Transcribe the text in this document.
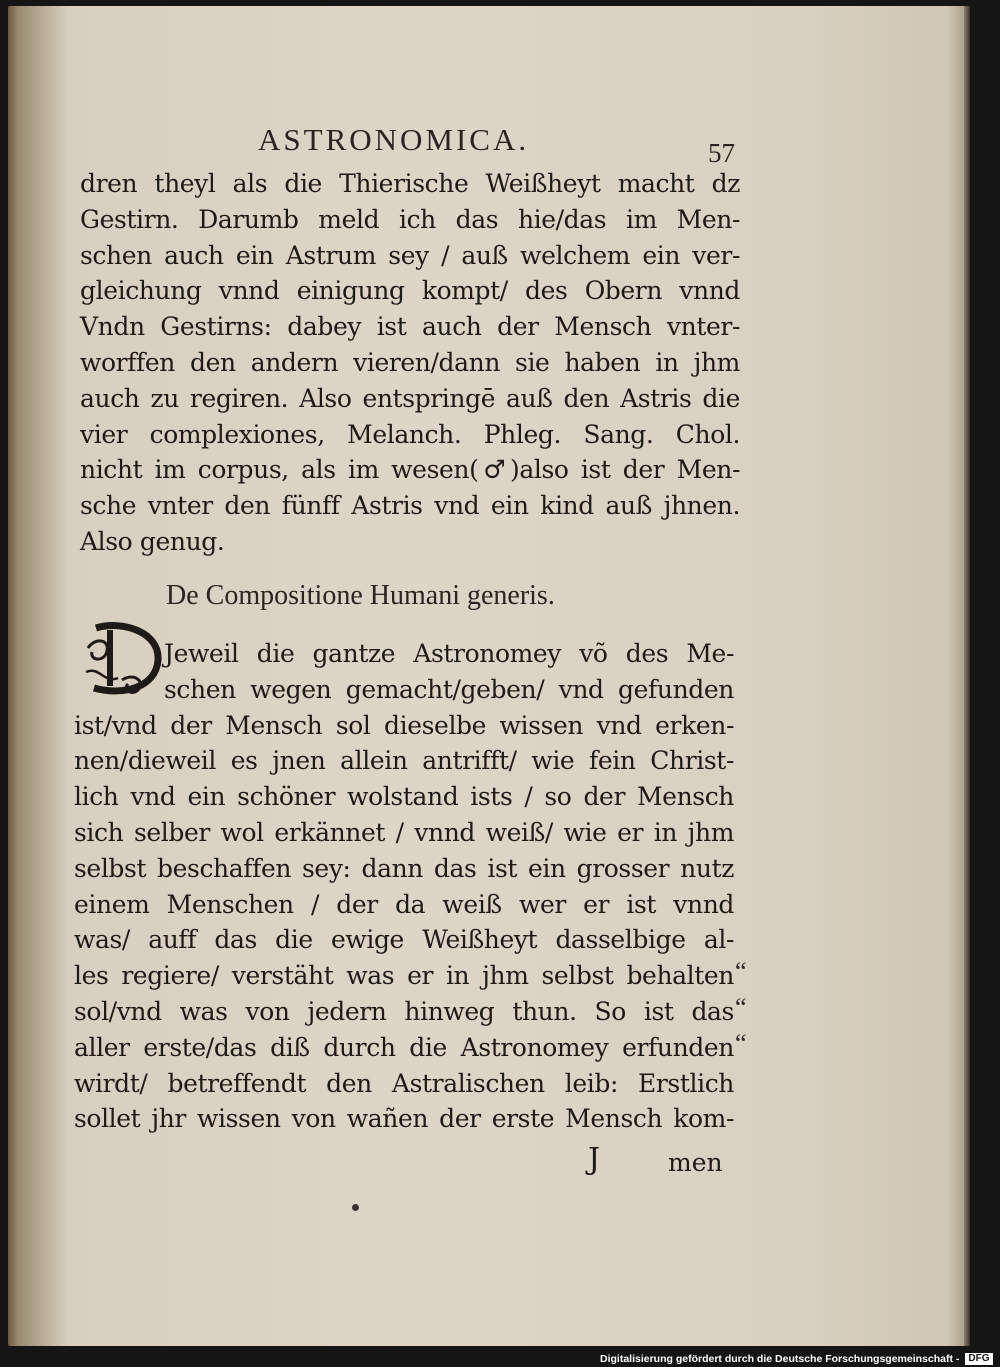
ASTRONOMICA.	57
dren theyl als die Thierische Weißheyt macht dz
Gestirn. Darumb meld ich das hie/das im Men-
schen auch ein Astrum sey / auß welchem ein ver-
gleichung vnnd einigung kompt/ des Obern vnnd
Vndn Gestirns: dabey ist auch der Mensch vnter-
worffen den andern vieren/dann sie haben in jhm
auch zu regiren. Also entspringē auß den Astris die
vier complexiones, Melanch. Phleg. Sang. Chol.
nicht im corpus, als im wesen(♂)also ist der Men-
sche vnter den fünff Astris vnd ein kind auß jhnen.
Also genug.
De Compositione Humani generis.
Jeweil die gantze Astronomey võ des Me-
schen wegen gemacht/geben/ vnd gefunden
ist/vnd der Mensch sol dieselbe wissen vnd erken-
nen/dieweil es jnen allein antrifft/ wie fein Christ-
lich vnd ein schöner wolstand ists / so der Mensch
sich selber wol erkännet / vnnd weiß/ wie er in jhm
selbst beschaffen sey: dann das ist ein grosser nutz
einem Menschen / der da weiß wer er ist vnnd
was/ auff das die ewige Weißheyt dasselbige al-
les regiere/ verstäht was er in jhm selbst behalten
sol/vnd was von jedern hinweg thun. So ist das
aller erste/das diß durch die Astronomey erfunden
wirdt/ betreffendt den Astralischen leib: Erstlich
sollet jhr wissen von wañen der erste Mensch kom-
“
“
“
J	men
Digitalisierung gefördert durch die Deutsche Forschungsgemeinschaft - DFG
